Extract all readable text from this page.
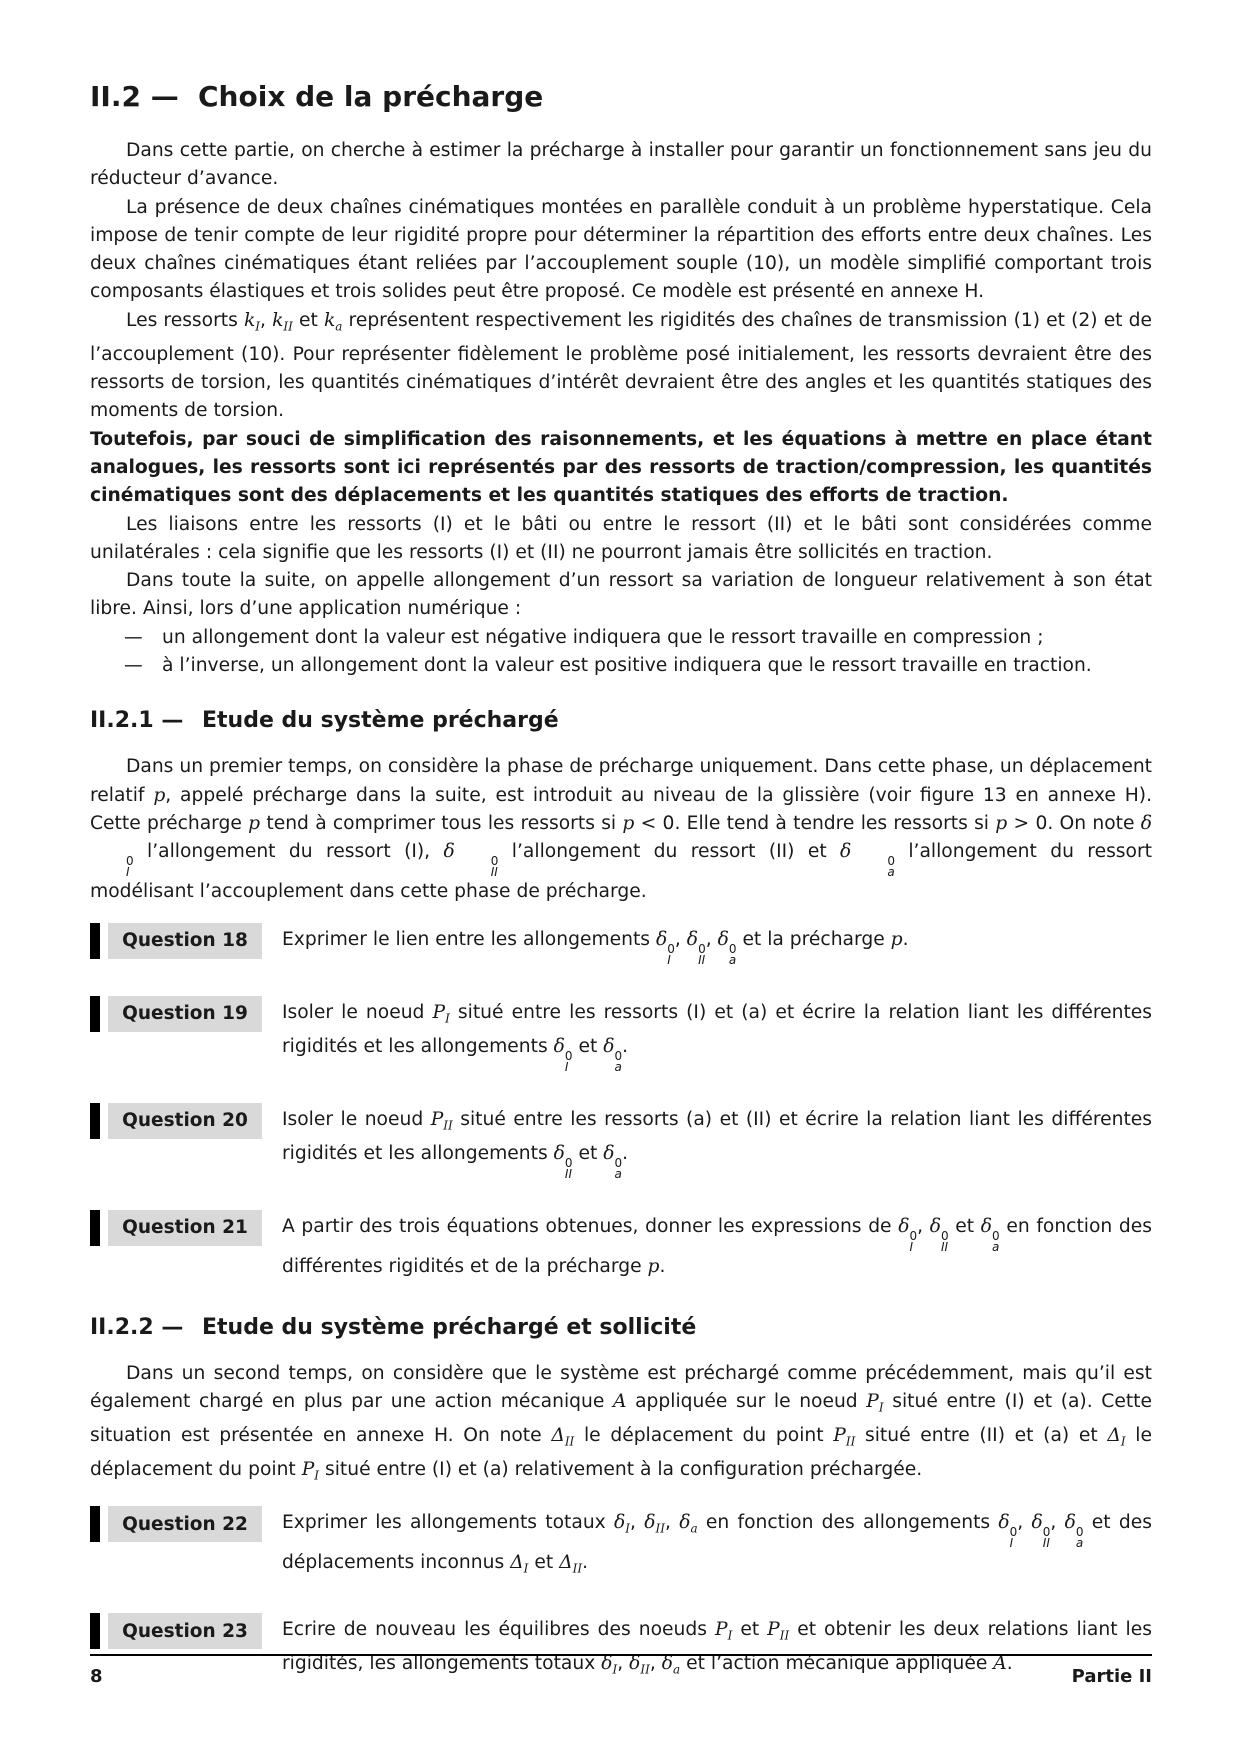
II.2 — Choix de la précharge

Dans cette partie, on cherche à estimer la précharge à installer pour garantir un fonctionnement sans jeu du réducteur d’avance.

La présence de deux chaînes cinématiques montées en parallèle conduit à un problème hyperstatique. Cela impose de tenir compte de leur rigidité propre pour déterminer la répartition des efforts entre deux chaînes. Les deux chaînes cinématiques étant reliées par l’accouplement souple (10), un modèle simplifié comportant trois composants élastiques et trois solides peut être proposé. Ce modèle est présenté en annexe H.

Les ressorts $k_I$, $k_{II}$ et $k_a$ représentent respectivement les rigidités des chaînes de transmission (1) et (2) et de l’accouplement (10). Pour représenter fidèlement le problème posé initialement, les ressorts devraient être des ressorts de torsion, les quantités cinématiques d’intérêt devraient être des angles et les quantités statiques des moments de torsion.

Toutefois, par souci de simplification des raisonnements, et les équations à mettre en place étant analogues, les ressorts sont ici représentés par des ressorts de traction/compression, les quantités cinématiques sont des déplacements et les quantités statiques des efforts de traction.

Les liaisons entre les ressorts (I) et le bâti ou entre le ressort (II) et le bâti sont considérées comme unilatérales : cela signifie que les ressorts (I) et (II) ne pourront jamais être sollicités en traction.

Dans toute la suite, on appelle allongement d’un ressort sa variation de longueur relativement à son état libre. Ainsi, lors d’une application numérique :

—	un allongement dont la valeur est négative indiquera que le ressort travaille en compression ;
—	à l’inverse, un allongement dont la valeur est positive indiquera que le ressort travaille en traction.
II.2.1 — Etude du système préchargé

Dans un premier temps, on considère la phase de précharge uniquement. Dans cette phase, un déplacement relatif p, appelé précharge dans la suite, est introduit au niveau de la glissière (voir figure 13 en annexe H). Cette précharge p tend à comprimer tous les ressorts si p < 0. Elle tend à tendre les ressorts si p > 0. On note δ
0
I
l’allongement du ressort (I), δ	0
II
l’allongement du ressort (II) et δ	0
a
l’allongement du ressort modélisant l’accouplement dans cette phase de précharge.

Question 18	Exprimer le lien entre les allongements δ 0
I
, δ 0
II
, δ 0
a
et la précharge p.
Question 19	Isoler le noeud $P_I$ situé entre les ressorts (I) et (a) et écrire la relation liant les différentes rigidités et les allongements δ 0
I
et δ 0
a
.
Question 20	Isoler le noeud $P_{II}$ situé entre les ressorts (a) et (II) et écrire la relation liant les différentes rigidités et les allongements δ 0
II
et δ 0
a
.
Question 21	A partir des trois équations obtenues, donner les expressions de δ 0
I
, δ 0
II
et δ 0
a
en fonction des différentes rigidités et de la précharge p.
II.2.2 — Etude du système préchargé et sollicité

Dans un second temps, on considère que le système est préchargé comme précédemment, mais qu’il est également chargé en plus par une action mécanique A appliquée sur le noeud $P_I$ situé entre (I) et (a). Cette situation est présentée en annexe H. On note $\Delta_{II}$ le déplacement du point $P_{II}$ situé entre (II) et (a) et $\Delta_I$ le déplacement du point $P_I$ situé entre (I) et (a) relativement à la configuration préchargée.

Question 22	Exprimer les allongements totaux $\delta_I$, $\delta_{II}$, $\delta_a$ en fonction des allongements δ 0
I
, δ 0
II
, δ 0
a
et des déplacements inconnus $\Delta_I$ et $\Delta_{II}$.
Question 23	Ecrire de nouveau les équilibres des noeuds $P_I$ et $P_{II}$ et obtenir les deux relations liant les rigidités, les allongements totaux $\delta_I$, $\delta_{II}$, $\delta_a$ et l’action mécanique appliquée A.
8	Partie II
